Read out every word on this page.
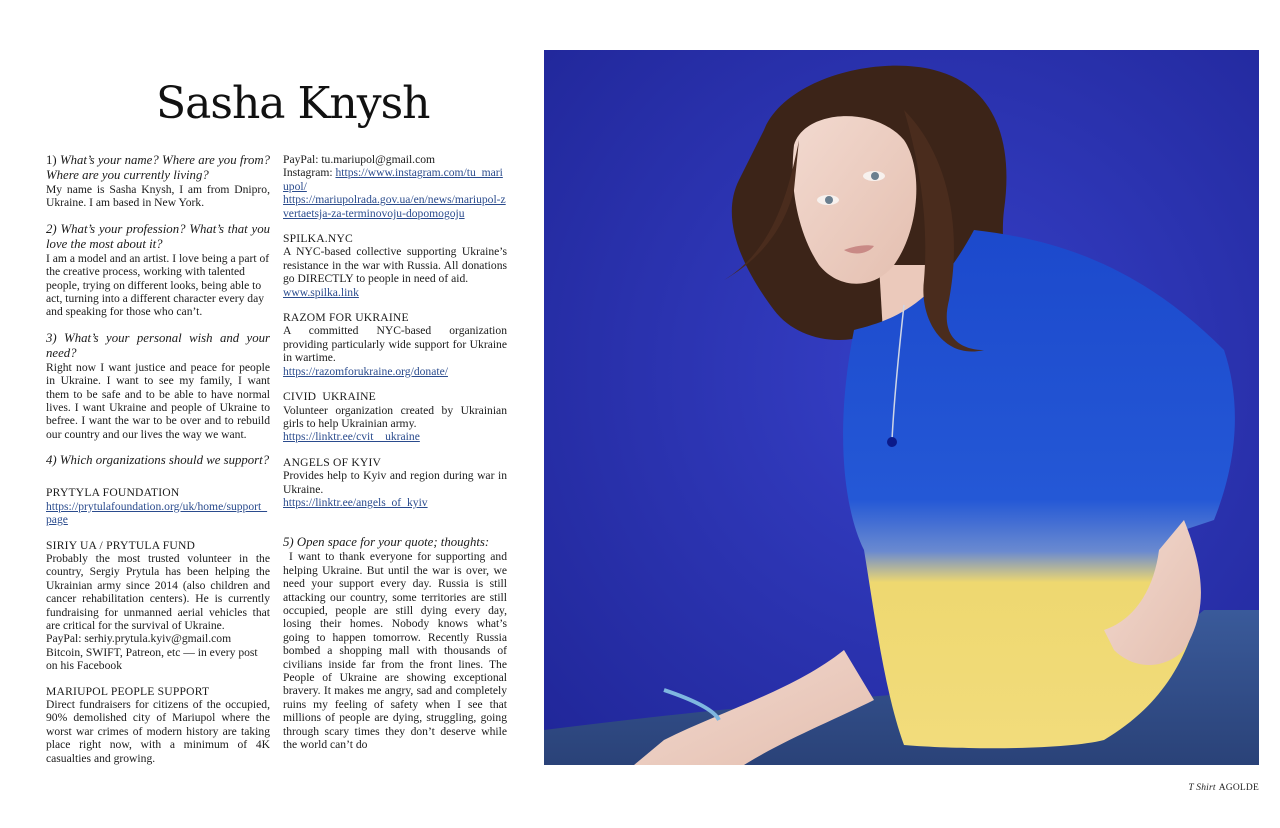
Sasha Knysh

1) What’s your name? Where are you from? Where are you currently living?

My name is Sasha Knysh, I am from Dnipro, Ukraine. I am based in New York.

2) What’s your profession? What’s that you love the most about it?

I am a model and an artist. I love being a part of the creative process, working with talented people, trying on different looks, being able to act, turning into a different character every day and speaking for those who can’t.

3) What’s your personal wish and your need?

Right now I want justice and peace for people in Ukraine. I want to see my family, I want them to be safe and to be able to have normal lives. I want Ukraine and people of Ukraine to befree. I want the war to be over and to rebuild our country and our lives the way we want.

4) Which organizations should we support?

PRYTYLA FOUNDATION

https://prytulafoundation.org/uk/home/support_page

SIRIY UA / PRYTULA FUND

Probably the most trusted volunteer in the country, Sergiy Prytula has been helping the Ukrainian army since 2014 (also children and cancer rehabilitation centers). He is currently fundraising for unmanned aerial vehicles that are critical for the survival of Ukraine.

PayPal: serhiy.prytula.kyiv@gmail.com

Bitcoin, SWIFT, Patreon, etc — in every post on his Facebook

MARIUPOL PEOPLE SUPPORT

Direct fundraisers for citizens of the occupied, 90% demolished city of Mariupol where the worst war crimes of modern history are taking place right now, with a minimum of 4K casualties and growing.

PayPal: tu.mariupol@gmail.com

Instagram: https://www.instagram.com/tu_mariupol/

https://mariupolrada.gov.ua/en/news/mariupol-zvertaetsja-za-terminovoju-dopomogoju

SPILKA.NYC

A NYC-based collective supporting Ukraine’s resistance in the war with Russia. All donations go DIRECTLY to people in need of aid.

www.spilka.link

RAZOM FOR UKRAINE

A committed NYC-based organization providing particularly wide support for Ukraine in wartime.

https://razomforukraine.org/donate/

CIVID  UKRAINE

Volunteer organization created by Ukrainian girls to help Ukrainian army.

https://linktr.ee/cvit__ukraine

ANGELS OF KYIV

Provides help to Kyiv and region during war in Ukraine.

https://linktr.ee/angels_of_kyiv

5) Open space for your quote; thoughts:

I want to thank everyone for supporting and helping Ukraine. But until the war is over, we need your support every day. Russia is still attacking our country, some territories are still occupied, people are still dying every day, losing their homes. Nobody knows what’s going to happen tomorrow. Recently Russia bombed a shopping mall with thousands of civilians inside far from the front lines. The People of Ukraine are showing exceptional bravery. It makes me angry, sad and completely ruins my feeling of safety when I see that millions of people are dying, struggling, going through scary times they don’t deserve while the world can’t do

T Shirt AGOLDE
